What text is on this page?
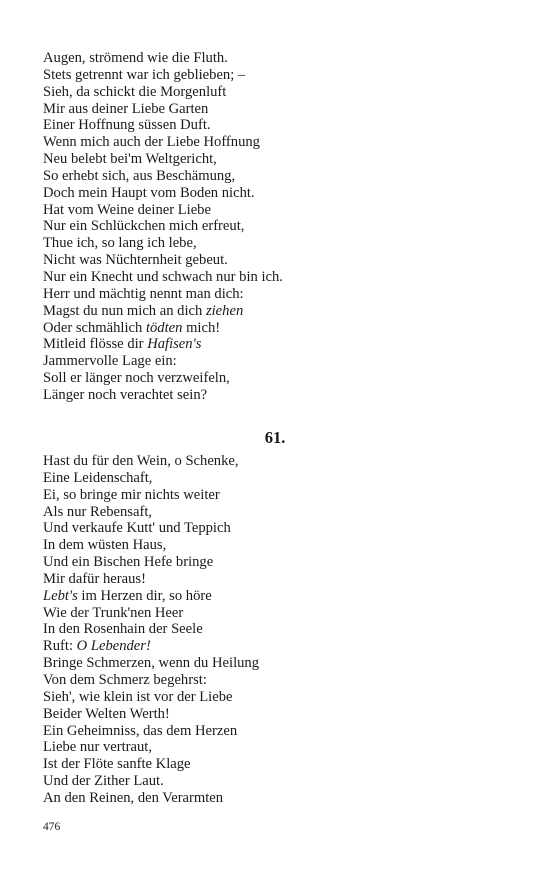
Augen, strömend wie die Fluth.
Stets getrennt war ich geblieben; –
Sieh, da schickt die Morgenluft
Mir aus deiner Liebe Garten
Einer Hoffnung süssen Duft.
Wenn mich auch der Liebe Hoffnung
Neu belebt bei'm Weltgericht,
So erhebt sich, aus Beschämung,
Doch mein Haupt vom Boden nicht.
Hat vom Weine deiner Liebe
Nur ein Schlückchen mich erfreut,
Thue ich, so lang ich lebe,
Nicht was Nüchternheit gebeut.
Nur ein Knecht und schwach nur bin ich.
Herr und mächtig nennt man dich:
Magst du nun mich an dich ziehen
Oder schmählich tödten mich!
Mitleid flösse dir Hafisen's
Jammervolle Lage ein:
Soll er länger noch verzweifeln,
Länger noch verachtet sein?
61.
Hast du für den Wein, o Schenke,
Eine Leidenschaft,
Ei, so bringe mir nichts weiter
Als nur Rebensaft,
Und verkaufe Kutt' und Teppich
In dem wüsten Haus,
Und ein Bischen Hefe bringe
Mir dafür heraus!
Lebt's im Herzen dir, so höre
Wie der Trunk'nen Heer
In den Rosenhain der Seele
Ruft: O Lebender!
Bringe Schmerzen, wenn du Heilung
Von dem Schmerz begehrst:
Sieh', wie klein ist vor der Liebe
Beider Welten Werth!
Ein Geheimniss, das dem Herzen
Liebe nur vertraut,
Ist der Flöte sanfte Klage
Und der Zither Laut.
An den Reinen, den Verarmten
476
